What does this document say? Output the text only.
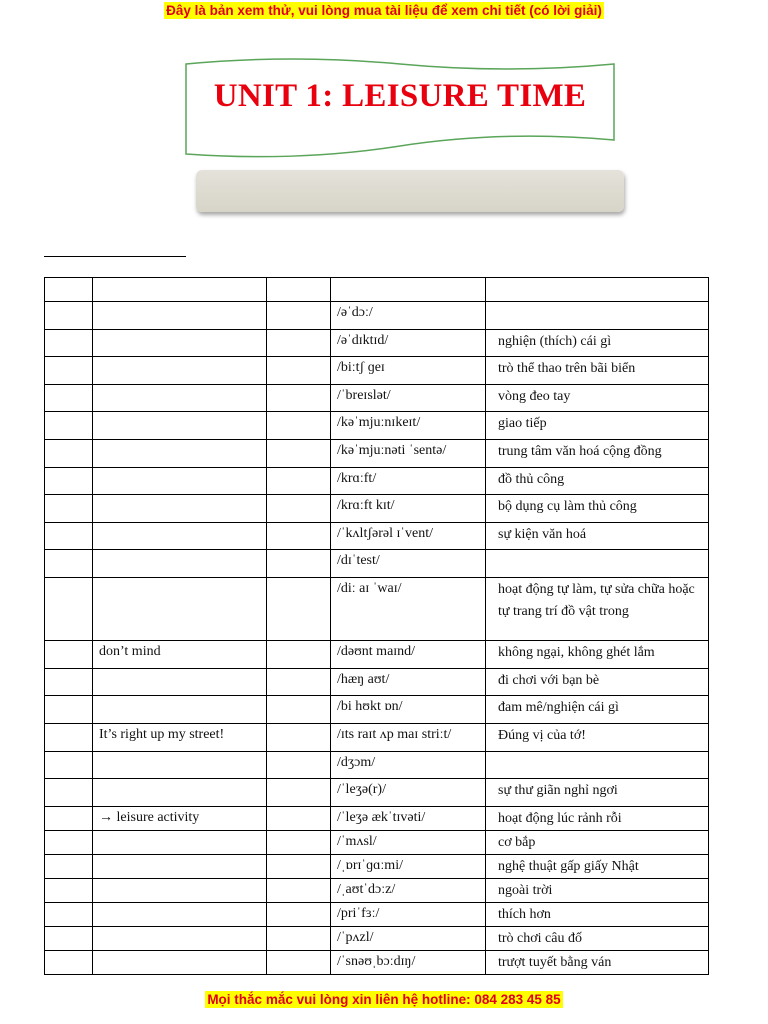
Đây là bản xem thử, vui lòng mua tài liệu để xem chi tiết (có lời giải)
UNIT 1: LEISURE TIME

			/əˈdɔː/	
			/əˈdɪktɪd/	nghiện (thích) cái gì
			/biːtʃ ɡeɪ	trò thể thao trên bãi biển
			/ˈbreɪslət/	vòng đeo tay
			/kəˈmjuːnɪkeɪt/	giao tiếp
			/kəˈmjuːnəti ˈsentə/	trung tâm văn hoá cộng đồng
			/krɑːft/	đồ thủ công
			/krɑːft kɪt/	bộ dụng cụ làm thủ công
			/ˈkʌltʃərəl ɪˈvent/	sự kiện văn hoá
			/dɪˈtest/	
			/diː aɪ ˈwaɪ/	hoạt động tự làm, tự sửa chữa hoặc tự trang trí đồ vật trong
	don’t mind		/dəʊnt maɪnd/	không ngại, không ghét lắm
			/hæŋ aʊt/	đi chơi với bạn bè
			/bi hʊkt ɒn/	đam mê/nghiện cái gì
	It’s right up my street!		/ɪts raɪt ʌp maɪ striːt/	Đúng vị của tớ!
			/dʒɔm/	
			/ˈleʒə(r)/	sự thư giãn nghỉ ngơi
	→ leisure activity		/ˈleʒə ækˈtɪvəti/	hoạt động lúc rảnh rỗi
			/ˈmʌsl/	cơ bắp
			/ˌɒrɪˈɡɑːmi/	nghệ thuật gấp giấy Nhật
			/ˌaʊtˈdɔːz/	ngoài trời
			/priˈfɜː/	thích hơn
			/ˈpʌzl/	trò chơi câu đố
			/ˈsnəʊˌbɔːdɪŋ/	trượt tuyết bằng ván
Mọi thắc mắc vui lòng xin liên hệ hotline: 084 283 45 85
